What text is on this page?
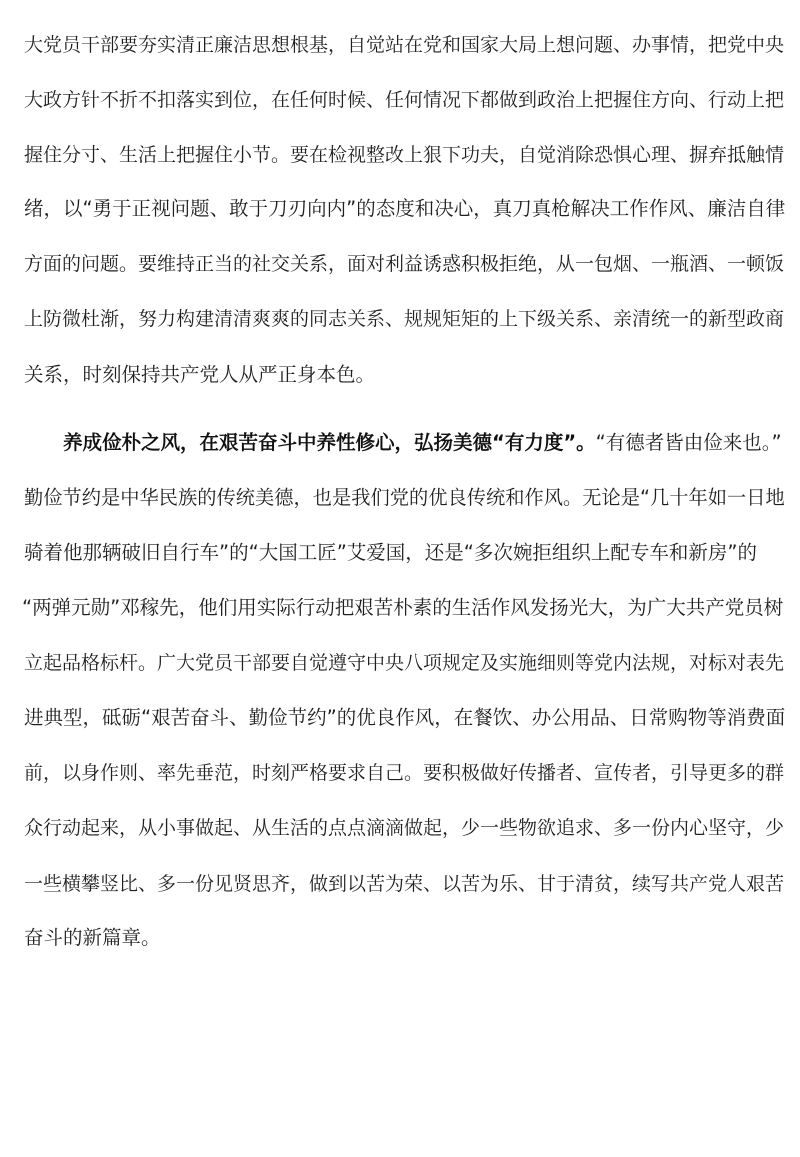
大党员干部要夯实清正廉洁思想根基，自觉站在党和国家大局上想问题、办事情，把党中央
大政方针不折不扣落实到位，在任何时候、任何情况下都做到政治上把握住方向、行动上把
握住分寸、生活上把握住小节。要在检视整改上狠下功夫，自觉消除恐惧心理、摒弃抵触情
绪，以“勇于正视问题、敢于刀刃向内”的态度和决心，真刀真枪解决工作作风、廉洁自律
方面的问题。要维持正当的社交关系，面对利益诱惑积极拒绝，从一包烟、一瓶酒、一顿饭
上防微杜渐，努力构建清清爽爽的同志关系、规规矩矩的上下级关系、亲清统一的新型政商
关系，时刻保持共产党人从严正身本色。
养成俭朴之风，在艰苦奋斗中养性修心，弘扬美德“有力度”。“有德者皆由俭来也。”
勤俭节约是中华民族的传统美德，也是我们党的优良传统和作风。无论是“几十年如一日地
骑着他那辆破旧自行车”的“大国工匠”艾爱国，还是“多次婉拒组织上配专车和新房”的
“两弹元勋”邓稼先，他们用实际行动把艰苦朴素的生活作风发扬光大，为广大共产党员树
立起品格标杆。广大党员干部要自觉遵守中央八项规定及实施细则等党内法规，对标对表先
进典型，砥砺“艰苦奋斗、勤俭节约”的优良作风，在餐饮、办公用品、日常购物等消费面
前，以身作则、率先垂范，时刻严格要求自己。要积极做好传播者、宣传者，引导更多的群
众行动起来，从小事做起、从生活的点点滴滴做起，少一些物欲追求、多一份内心坚守，少
一些横攀竖比、多一份见贤思齐，做到以苦为荣、以苦为乐、甘于清贫，续写共产党人艰苦
奋斗的新篇章。
